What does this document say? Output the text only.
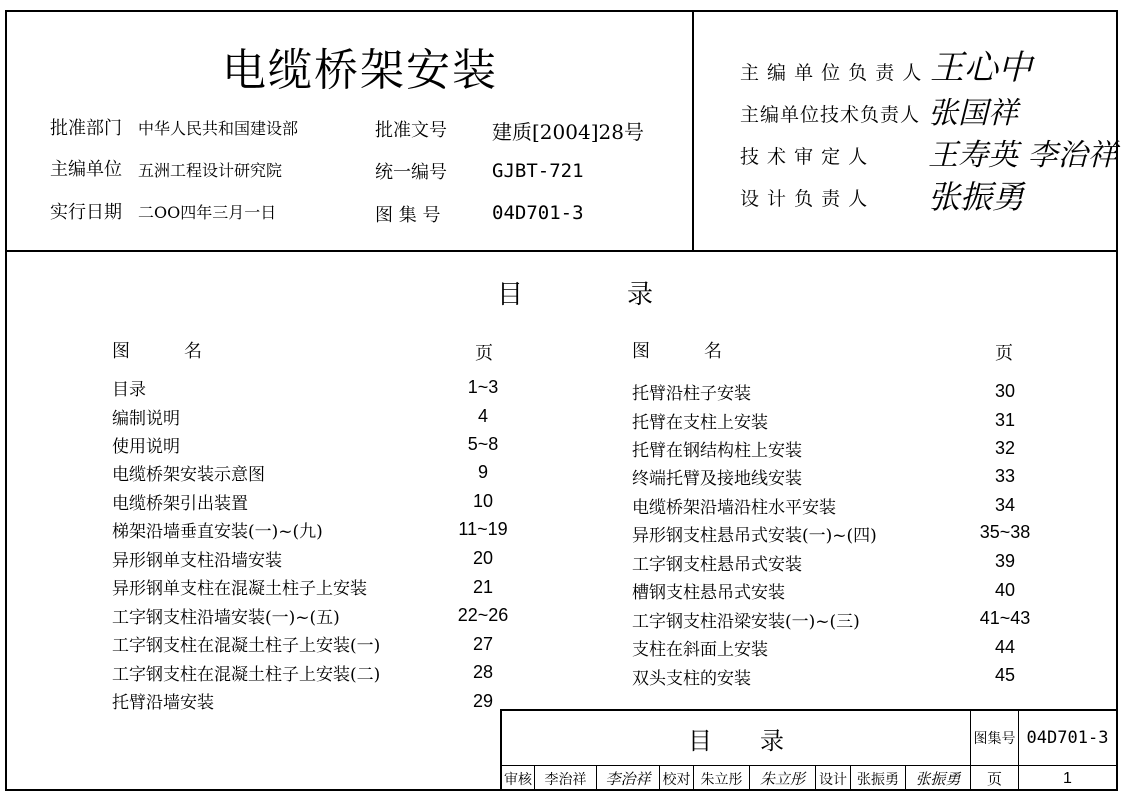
电缆桥架安装
批准部门 中华人民共和国建设部	批准文号 建质[2004]28号
主编单位 五洲工程设计研究院	统一编号 GJBT-721
实行日期 二OO四年三月一日	图 集 号	04D701-3
主 编 单 位 负 责 人 王心中
主编单位技术负责人 张国祥
技 术 审 定 人 王寿英 李治祥
设 计 负 责 人 张振勇
目　　　　录
图　　　名	页	图　　　名	页
目录	1~3
编制说明	4
使用说明	5~8
电缆桥架安装示意图	9
电缆桥架引出装置	10
梯架沿墙垂直安装(一)~(九)	11~19
异形钢单支柱沿墙安装	20
异形钢单支柱在混凝土柱子上安装	21
工字钢支柱沿墙安装(一)~(五)	22~26
工字钢支柱在混凝土柱子上安装(一)	27
工字钢支柱在混凝土柱子上安装(二)	28
托臂沿墙安装	29
托臂沿柱子安装	30
托臂在支柱上安装	31
托臂在钢结构柱上安装	32
终端托臂及接地线安装	33
电缆桥架沿墙沿柱水平安装	34
异形钢支柱悬吊式安装(一)~(四)	35~38
工字钢支柱悬吊式安装	39
槽钢支柱悬吊式安装	40
工字钢支柱沿梁安装(一)~(三)	41~43
支柱在斜面上安装	44
双头支柱的安装	45
目　　录	图集号 04D701-3
审核 李治祥	李治祥 校对 朱立彤	朱立彤	设计 张振勇	张振勇	页	1
